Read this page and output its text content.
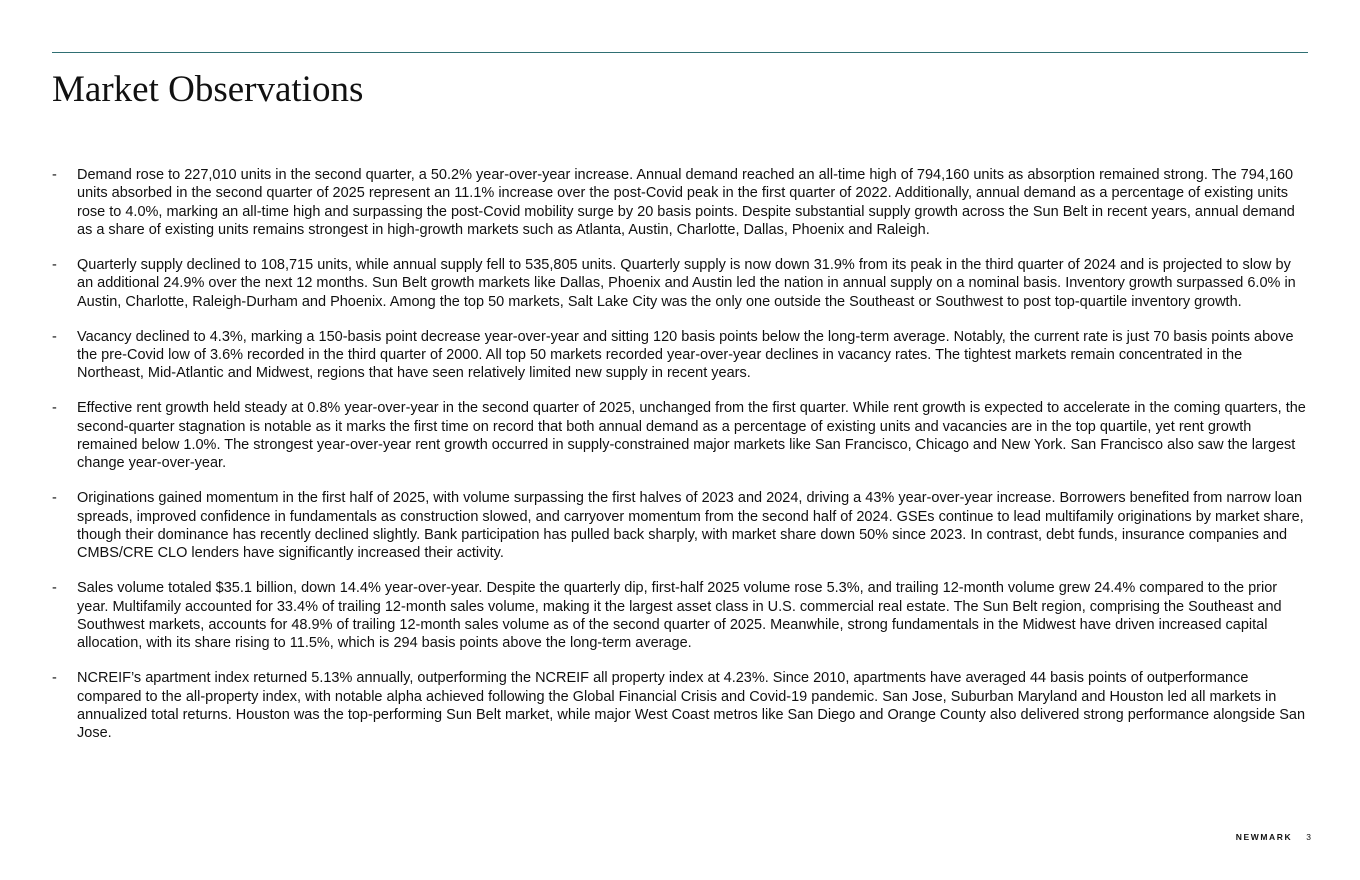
Market Observations
- Demand rose to 227,010 units in the second quarter, a 50.2% year-over-year increase. Annual demand reached an all-time high of 794,160 units as absorption remained strong. The 794,160 units absorbed in the second quarter of 2025 represent an 11.1% increase over the post-Covid peak in the first quarter of 2022. Additionally, annual demand as a percentage of existing units rose to 4.0%, marking an all-time high and surpassing the post-Covid mobility surge by 20 basis points. Despite substantial supply growth across the Sun Belt in recent years, annual demand as a share of existing units remains strongest in high-growth markets such as Atlanta, Austin, Charlotte, Dallas, Phoenix and Raleigh.
- Quarterly supply declined to 108,715 units, while annual supply fell to 535,805 units. Quarterly supply is now down 31.9% from its peak in the third quarter of 2024 and is projected to slow by an additional 24.9% over the next 12 months. Sun Belt growth markets like Dallas, Phoenix and Austin led the nation in annual supply on a nominal basis. Inventory growth surpassed 6.0% in Austin, Charlotte, Raleigh-Durham and Phoenix. Among the top 50 markets, Salt Lake City was the only one outside the Southeast or Southwest to post top-quartile inventory growth.
- Vacancy declined to 4.3%, marking a 150-basis point decrease year-over-year and sitting 120 basis points below the long-term average. Notably, the current rate is just 70 basis points above the pre-Covid low of 3.6% recorded in the third quarter of 2000. All top 50 markets recorded year-over-year declines in vacancy rates. The tightest markets remain concentrated in the Northeast, Mid-Atlantic and Midwest, regions that have seen relatively limited new supply in recent years.
- Effective rent growth held steady at 0.8% year-over-year in the second quarter of 2025, unchanged from the first quarter. While rent growth is expected to accelerate in the coming quarters, the second-quarter stagnation is notable as it marks the first time on record that both annual demand as a percentage of existing units and vacancies are in the top quartile, yet rent growth remained below 1.0%. The strongest year-over-year rent growth occurred in supply-constrained major markets like San Francisco, Chicago and New York. San Francisco also saw the largest change year-over-year.
- Originations gained momentum in the first half of 2025, with volume surpassing the first halves of 2023 and 2024, driving a 43% year-over-year increase. Borrowers benefited from narrow loan spreads, improved confidence in fundamentals as construction slowed, and carryover momentum from the second half of 2024. GSEs continue to lead multifamily originations by market share, though their dominance has recently declined slightly. Bank participation has pulled back sharply, with market share down 50% since 2023. In contrast, debt funds, insurance companies and CMBS/CRE CLO lenders have significantly increased their activity.
- Sales volume totaled $35.1 billion, down 14.4% year-over-year. Despite the quarterly dip, first-half 2025 volume rose 5.3%, and trailing 12-month volume grew 24.4% compared to the prior year. Multifamily accounted for 33.4% of trailing 12-month sales volume, making it the largest asset class in U.S. commercial real estate. The Sun Belt region, comprising the Southeast and Southwest markets, accounts for 48.9% of trailing 12-month sales volume as of the second quarter of 2025. Meanwhile, strong fundamentals in the Midwest have driven increased capital allocation, with its share rising to 11.5%, which is 294 basis points above the long-term average.
- NCREIF’s apartment index returned 5.13% annually, outperforming the NCREIF all property index at 4.23%. Since 2010, apartments have averaged 44 basis points of outperformance compared to the all-property index, with notable alpha achieved following the Global Financial Crisis and Covid-19 pandemic. San Jose, Suburban Maryland and Houston led all markets in annualized total returns. Houston was the top-performing Sun Belt market, while major West Coast metros like San Diego and Orange County also delivered strong performance alongside San Jose.
NEWMARK 3
